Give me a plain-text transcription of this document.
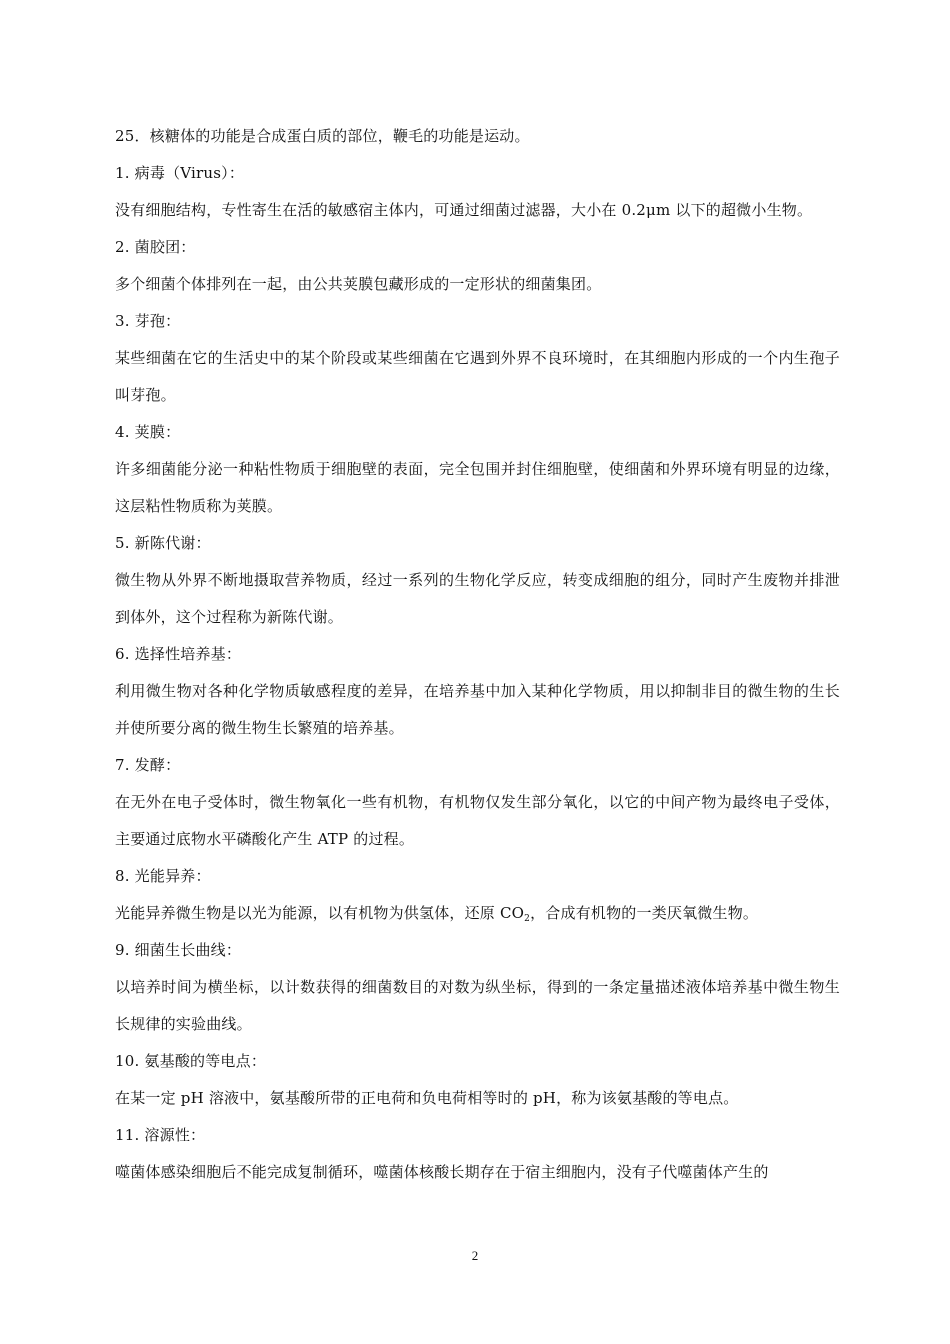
25．核糖体的功能是合成蛋白质的部位，鞭毛的功能是运动。
1. 病毒（Virus）：
没有细胞结构，专性寄生在活的敏感宿主体内，可通过细菌过滤器，大小在 0.2μm 以下的超微小生物。
2. 菌胶团：
多个细菌个体排列在一起，由公共荚膜包藏形成的一定形状的细菌集团。
3. 芽孢：
某些细菌在它的生活史中的某个阶段或某些细菌在它遇到外界不良环境时，在其细胞内形成的一个内生孢子叫芽孢。
4. 荚膜：
许多细菌能分泌一种粘性物质于细胞壁的表面，完全包围并封住细胞壁，使细菌和外界环境有明显的边缘，这层粘性物质称为荚膜。
5. 新陈代谢：
微生物从外界不断地摄取营养物质，经过一系列的生物化学反应，转变成细胞的组分，同时产生废物并排泄到体外，这个过程称为新陈代谢。
6. 选择性培养基：
利用微生物对各种化学物质敏感程度的差异，在培养基中加入某种化学物质，用以抑制非目的微生物的生长并使所要分离的微生物生长繁殖的培养基。
7. 发酵：
在无外在电子受体时，微生物氧化一些有机物，有机物仅发生部分氧化，以它的中间产物为最终电子受体，主要通过底物水平磷酸化产生 ATP 的过程。
8. 光能异养：
光能异养微生物是以光为能源，以有机物为供氢体，还原 $CO_2$，合成有机物的一类厌氧微生物。
9. 细菌生长曲线：
以培养时间为横坐标，以计数获得的细菌数目的对数为纵坐标，得到的一条定量描述液体培养基中微生物生长规律的实验曲线。
10. 氨基酸的等电点：
在某一定 pH 溶液中，氨基酸所带的正电荷和负电荷相等时的 pH，称为该氨基酸的等电点。
11. 溶源性：
噬菌体感染细胞后不能完成复制循环，噬菌体核酸长期存在于宿主细胞内，没有子代噬菌体产生的
2
